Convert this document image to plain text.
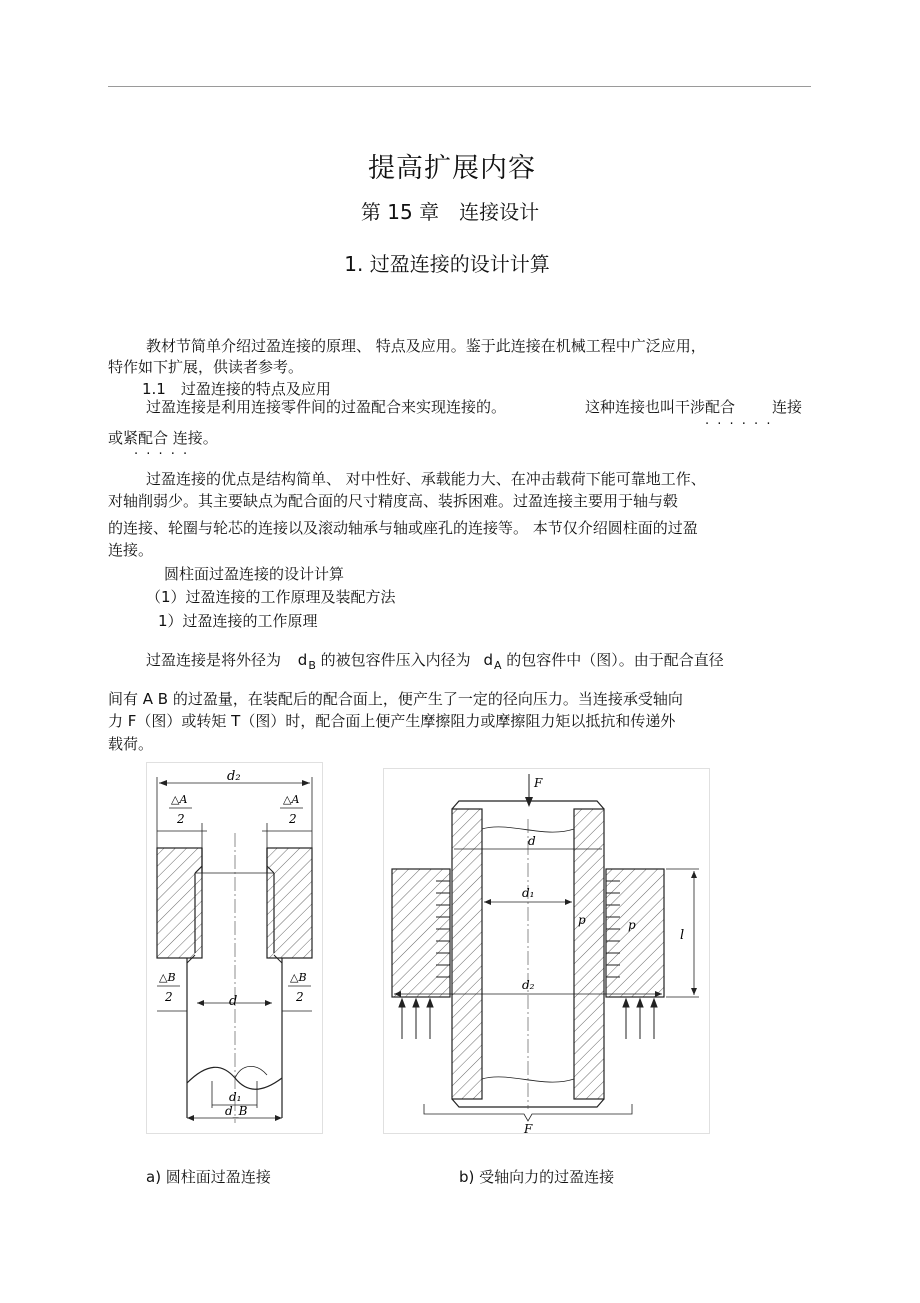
提高扩展内容
第 15 章　连接设计
1. 过盈连接的设计计算
教材节简单介绍过盈连接的原理、 特点及应用。鉴于此连接在机械工程中广泛应用，
特作如下扩展，供读者参考。
1.1　过盈连接的特点及应用
过盈连接是利用连接零件间的过盈配合来实现连接的。	这种连接也叫干涉配合 连接
· · · · · ·
或紧配合 连接。
· · · · ·
过盈连接的优点是结构简单、 对中性好、承载能力大、在冲击载荷下能可靠地工作、
对轴削弱少。其主要缺点为配合面的尺寸精度高、装拆困难。过盈连接主要用于轴与毂
的连接、轮圈与轮芯的连接以及滚动轴承与轴或座孔的连接等。 本节仅介绍圆柱面的过盈
连接。
圆柱面过盈连接的设计计算
（1）过盈连接的工作原理及装配方法
1）过盈连接的工作原理
过盈连接是将外径为 $d_B$ 的被包容件压入内径为 $d_A$ 的包容件中（图）。由于配合直径
间有 A B 的过盈量，在装配后的配合面上，便产生了一定的径向压力。当连接承受轴向
力 F（图）或转矩 T（图）时，配合面上便产生摩擦阻力或摩擦阻力矩以抵抗和传递外
载荷。
d₂
△A
2
△A
2
△B
2
△B
2
d
d₁
d_B
F
d
d₁
d₂
p	p
l
F
a) 圆柱面过盈连接	b) 受轴向力的过盈连接
